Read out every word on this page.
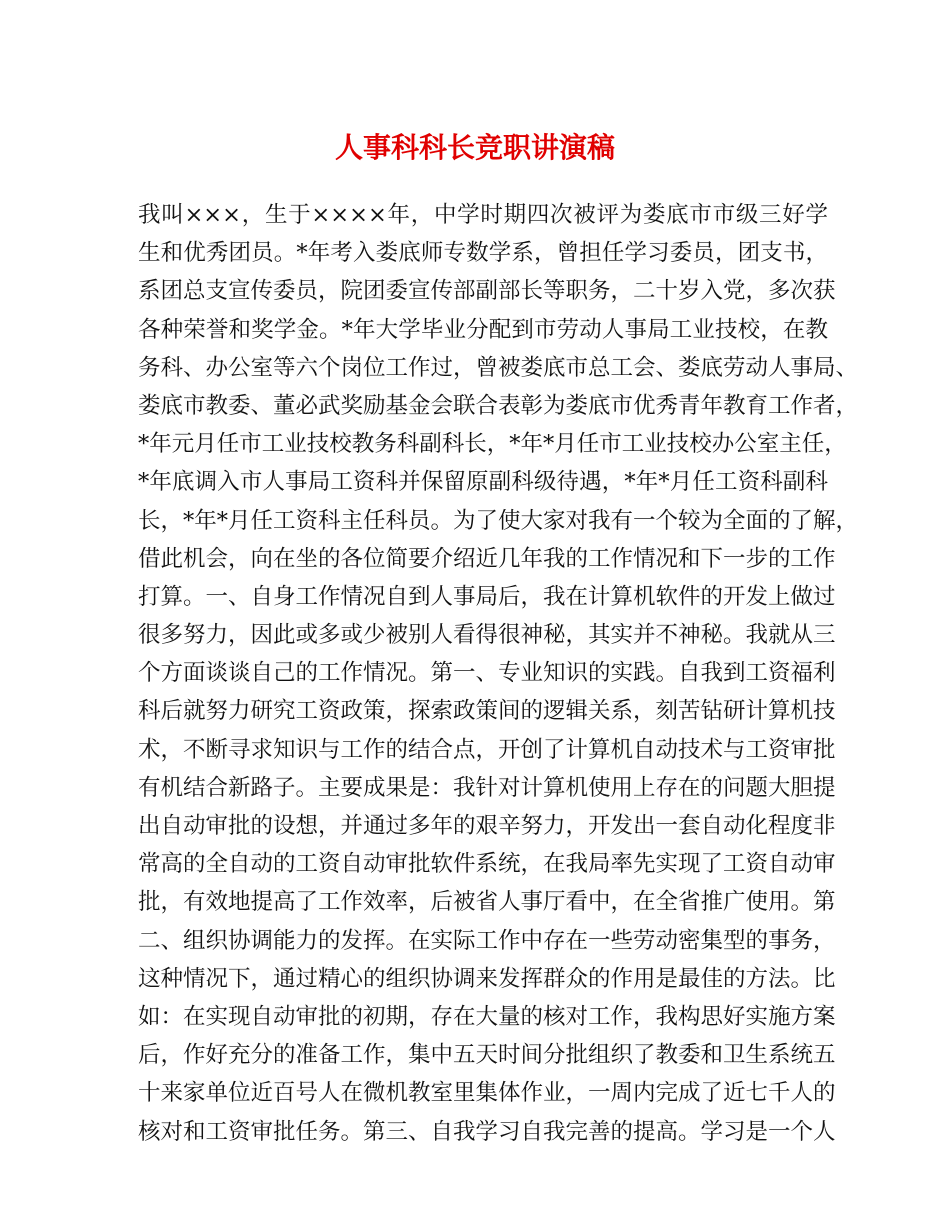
人事科科长竞职讲演稿
我叫×××，生于××××年，中学时期四次被评为娄底市市级三好学
生和优秀团员。*年考入娄底师专数学系，曾担任学习委员，团支书，
系团总支宣传委员，院团委宣传部副部长等职务，二十岁入党，多次获
各种荣誉和奖学金。*年大学毕业分配到市劳动人事局工业技校，在教
务科、办公室等六个岗位工作过，曾被娄底市总工会、娄底劳动人事局、
娄底市教委、董必武奖励基金会联合表彰为娄底市优秀青年教育工作者，
*年元月任市工业技校教务科副科长，*年*月任市工业技校办公室主任，
*年底调入市人事局工资科并保留原副科级待遇，*年*月任工资科副科
长，*年*月任工资科主任科员。为了使大家对我有一个较为全面的了解，
借此机会，向在坐的各位简要介绍近几年我的工作情况和下一步的工作
打算。一、自身工作情况自到人事局后，我在计算机软件的开发上做过
很多努力，因此或多或少被别人看得很神秘，其实并不神秘。我就从三
个方面谈谈自己的工作情况。第一、专业知识的实践。自我到工资福利
科后就努力研究工资政策，探索政策间的逻辑关系，刻苦钻研计算机技
术，不断寻求知识与工作的结合点，开创了计算机自动技术与工资审批
有机结合新路子。主要成果是：我针对计算机使用上存在的问题大胆提
出自动审批的设想，并通过多年的艰辛努力，开发出一套自动化程度非
常高的全自动的工资自动审批软件系统，在我局率先实现了工资自动审
批，有效地提高了工作效率，后被省人事厅看中，在全省推广使用。第
二、组织协调能力的发挥。在实际工作中存在一些劳动密集型的事务，
这种情况下，通过精心的组织协调来发挥群众的作用是最佳的方法。比
如：在实现自动审批的初期，存在大量的核对工作，我构思好实施方案
后，作好充分的准备工作，集中五天时间分批组织了教委和卫生系统五
十来家单位近百号人在微机教室里集体作业，一周内完成了近七千人的
核对和工资审批任务。第三、自我学习自我完善的提高。学习是一个人
